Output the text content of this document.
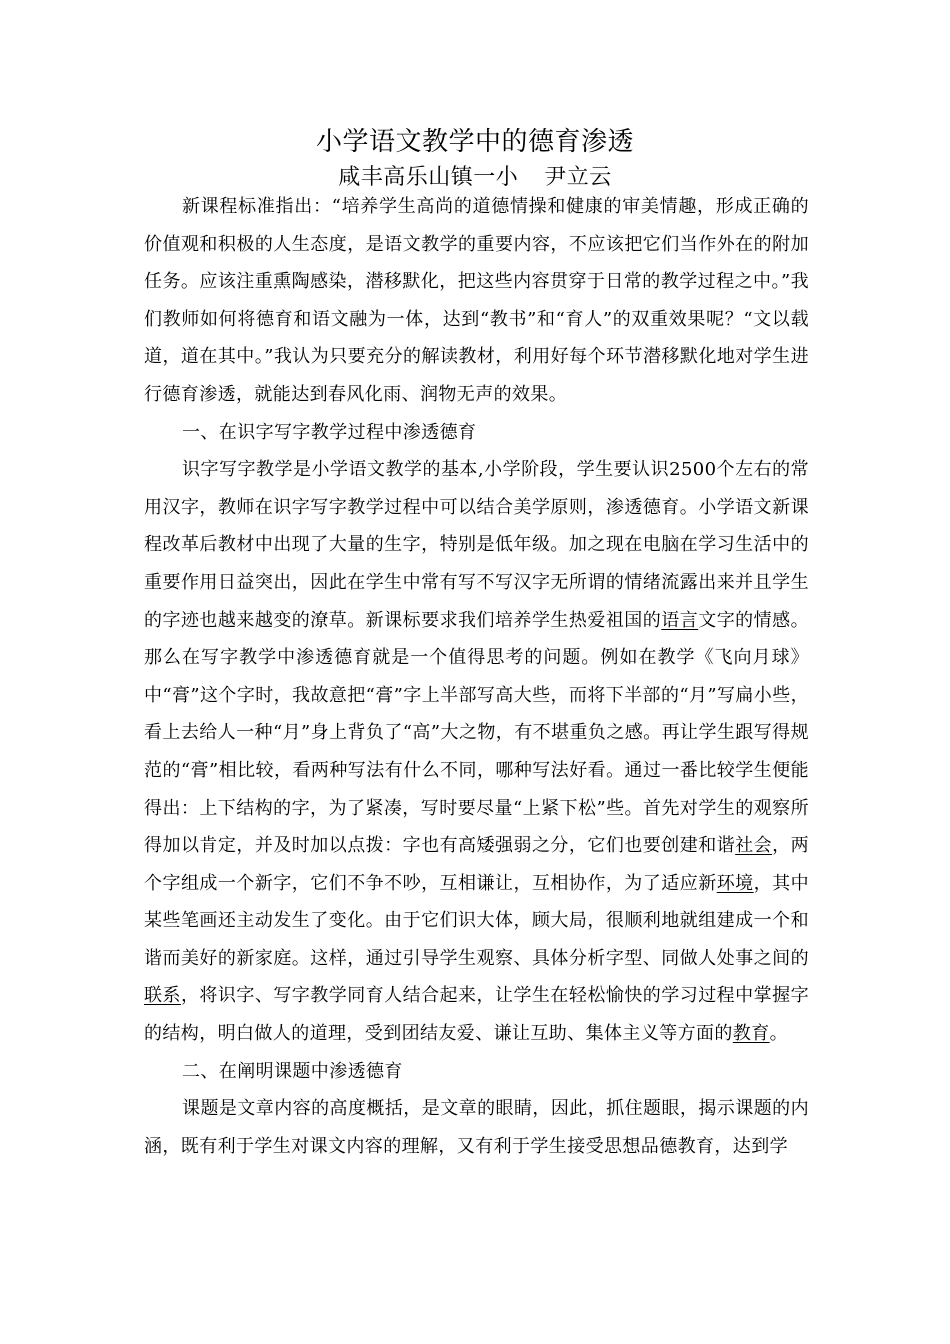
小学语文教学中的德育渗透
咸丰高乐山镇一小 尹立云

新课程标准指出：“培养学生高尚的道德情操和健康的审美情趣，形成正确的价值观和积极的人生态度，是语文教学的重要内容，不应该把它们当作外在的附加任务。应该注重熏陶感染，潜移默化，把这些内容贯穿于日常的教学过程之中。”我们教师如何将德育和语文融为一体，达到“教书”和“育人”的双重效果呢？“文以载道，道在其中。”我认为只要充分的解读教材，利用好每个环节潜移默化地对学生进行德育渗透，就能达到春风化雨、润物无声的效果。

一、在识字写字教学过程中渗透德育

识字写字教学是小学语文教学的基本,小学阶段，学生要认识2500个左右的常用汉字，教师在识字写字教学过程中可以结合美学原则，渗透德育。小学语文新课程改革后教材中出现了大量的生字，特别是低年级。加之现在电脑在学习生活中的重要作用日益突出，因此在学生中常有写不写汉字无所谓的情绪流露出来并且学生的字迹也越来越变的潦草。新课标要求我们培养学生热爱祖国的语言文字的情感。那么在写字教学中渗透德育就是一个值得思考的问题。例如在教学《飞向月球》中“膏”这个字时，我故意把“膏”字上半部写高大些，而将下半部的“月”写扁小些，看上去给人一种“月”身上背负了“高”大之物，有不堪重负之感。再让学生跟写得规范的“膏”相比较，看两种写法有什么不同，哪种写法好看。通过一番比较学生便能得出：上下结构的字，为了紧凑，写时要尽量“上紧下松”些。首先对学生的观察所得加以肯定，并及时加以点拨：字也有高矮强弱之分，它们也要创建和谐社会，两个字组成一个新字，它们不争不吵，互相谦让，互相协作，为了适应新环境，其中某些笔画还主动发生了变化。由于它们识大体，顾大局，很顺利地就组建成一个和谐而美好的新家庭。这样，通过引导学生观察、具体分析字型、同做人处事之间的联系，将识字、写字教学同育人结合起来，让学生在轻松愉快的学习过程中掌握字的结构，明白做人的道理，受到团结友爱、谦让互助、集体主义等方面的教育。

二、在阐明课题中渗透德育

课题是文章内容的高度概括，是文章的眼睛，因此，抓住题眼，揭示课题的内涵，既有利于学生对课文内容的理解，又有利于学生接受思想品德教育，达到学
